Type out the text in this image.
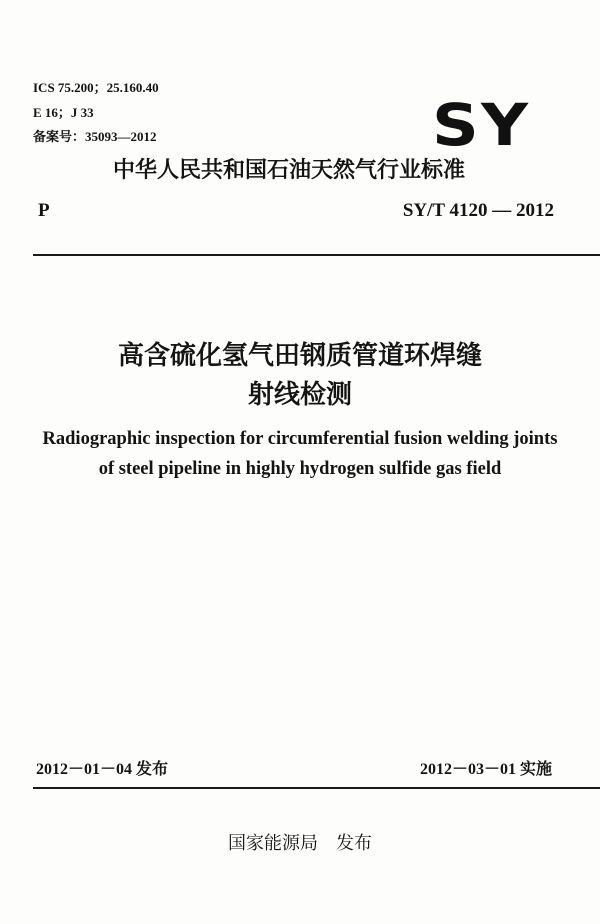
ICS 75.200；25.160.40
E 16；J 33
备案号：35093—2012	SY
中华人民共和国石油天然气行业标准
P	SY/T 4120 — 2012
高含硫化氢气田钢质管道环焊缝
射线检测
Radiographic inspection for circumferential fusion welding joints
of steel pipeline in highly hydrogen sulfide gas field
2012－01－04 发布	2012－03－01 实施
国家能源局　发布
